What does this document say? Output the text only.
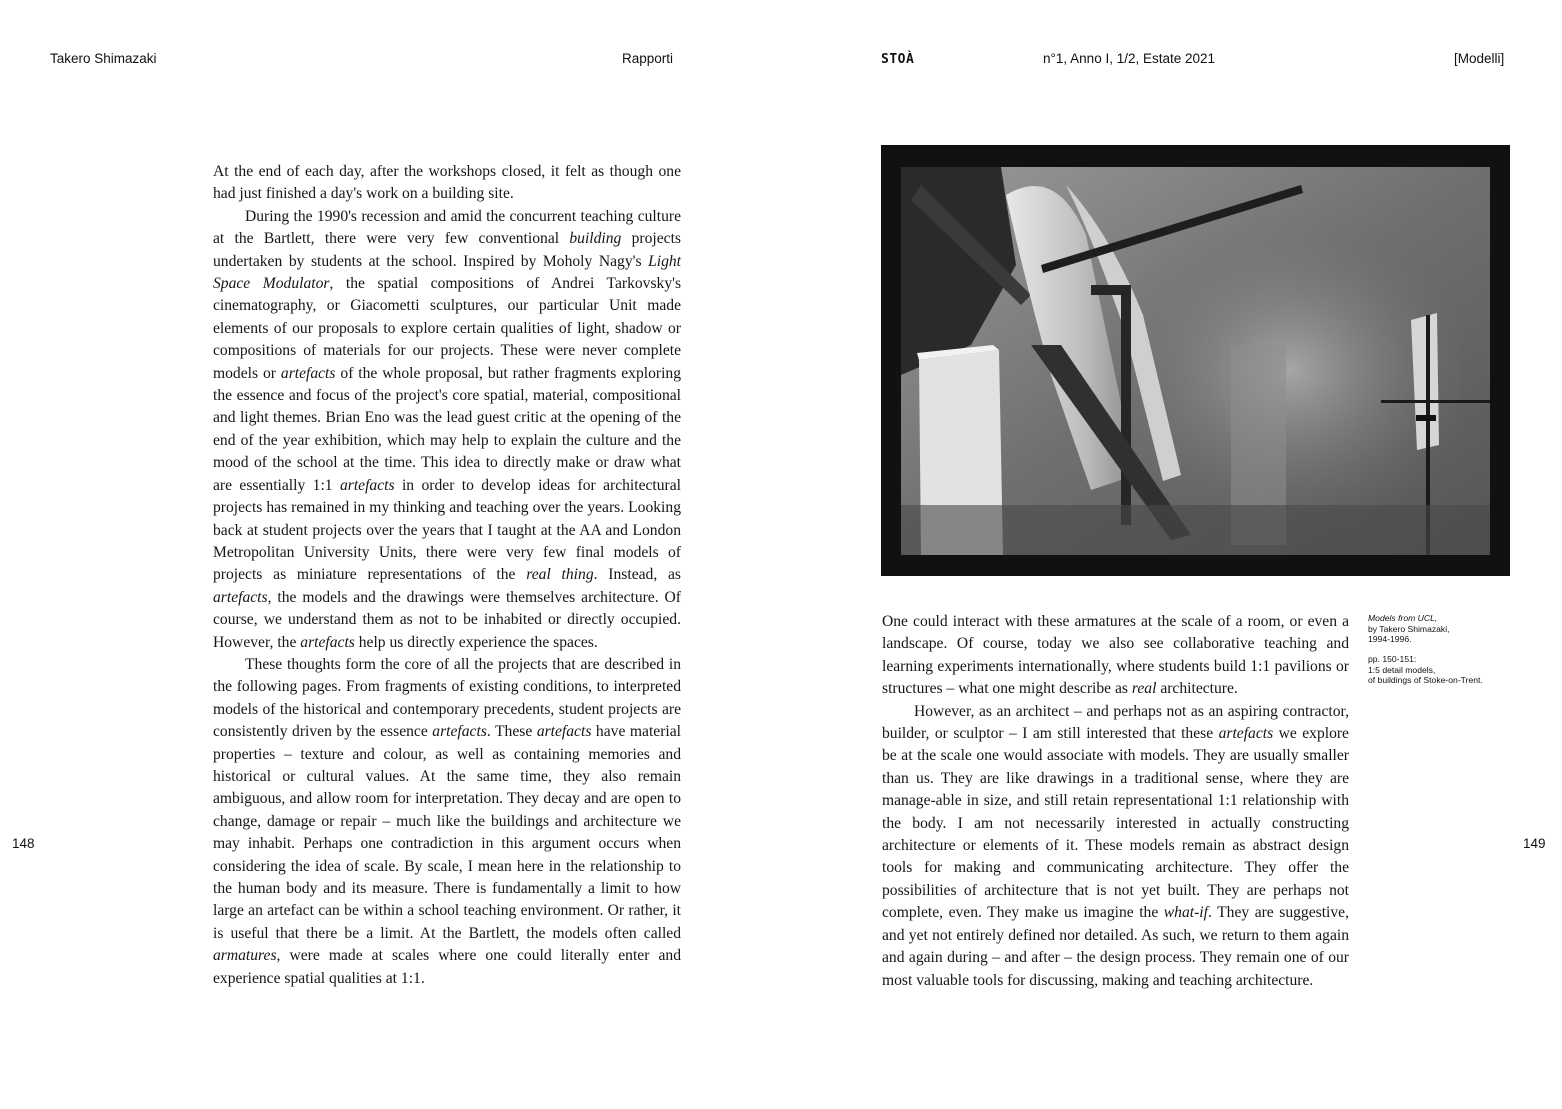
Takero Shimazaki	Rapporti	STOÀ	n°1, Anno I, 1/2, Estate 2021	[Modelli]
148	149

At the end of each day, after the workshops closed, it felt as though one had just finished a day's work on a building site.

During the 1990's recession and amid the concurrent teaching culture at the Bartlett, there were very few conventional building projects undertaken by students at the school. Inspired by Moholy Nagy's Light Space Modulator, the spatial compositions of Andrei Tarkovsky's cinematography, or Giacometti sculptures, our particular Unit made elements of our proposals to explore certain qualities of light, shadow or compositions of materials for our projects. These were never complete models or artefacts of the whole proposal, but rather fragments exploring the essence and focus of the project's core spatial, material, compositional and light themes. Brian Eno was the lead guest critic at the opening of the end of the year exhibition, which may help to explain the culture and the mood of the school at the time. This idea to directly make or draw what are essentially 1:1 artefacts in order to develop ideas for architectural projects has remained in my thinking and teaching over the years. Looking back at student projects over the years that I taught at the AA and London Metropolitan University Units, there were very few final models of projects as miniature representations of the real thing. Instead, as artefacts, the models and the drawings were themselves architecture. Of course, we understand them as not to be inhabited or directly occupied. However, the artefacts help us directly experience the spaces.

These thoughts form the core of all the projects that are described in the following pages. From fragments of existing conditions, to interpreted models of the historical and contemporary precedents, student projects are consistently driven by the essence artefacts. These artefacts have material properties – texture and colour, as well as containing memories and historical or cultural values. At the same time, they also remain ambiguous, and allow room for interpretation. They decay and are open to change, damage or repair – much like the buildings and architecture we may inhabit. Perhaps one contradiction in this argument occurs when considering the idea of scale. By scale, I mean here in the relationship to the human body and its measure. There is fundamentally a limit to how large an artefact can be within a school teaching environment. Or rather, it is useful that there be a limit. At the Bartlett, the models often called armatures, were made at scales where one could literally enter and experience spatial qualities at 1:1.

Models from UCL,
by Takero Shimazaki,
1994-1996.
pp. 150-151:
1:5 detail models,
of buildings of Stoke-on-Trent.

One could interact with these armatures at the scale of a room, or even a landscape. Of course, today we also see collaborative teaching and learning experiments internationally, where students build 1:1 pavilions or structures – what one might describe as real architecture.

However, as an architect – and perhaps not as an aspiring contractor, builder, or sculptor – I am still interested that these artefacts we explore be at the scale one would associate with models. They are usually smaller than us. They are like drawings in a traditional sense, where they are manage-able in size, and still retain representational 1:1 relationship with the body. I am not necessarily interested in actually constructing architecture or elements of it. These models remain as abstract design tools for making and communicating architecture. They offer the possibilities of architecture that is not yet built. They are perhaps not complete, even. They make us imagine the what-if. They are suggestive, and yet not entirely defined nor detailed. As such, we return to them again and again during – and after – the design process. They remain one of our most valuable tools for discussing, making and teaching architecture.
